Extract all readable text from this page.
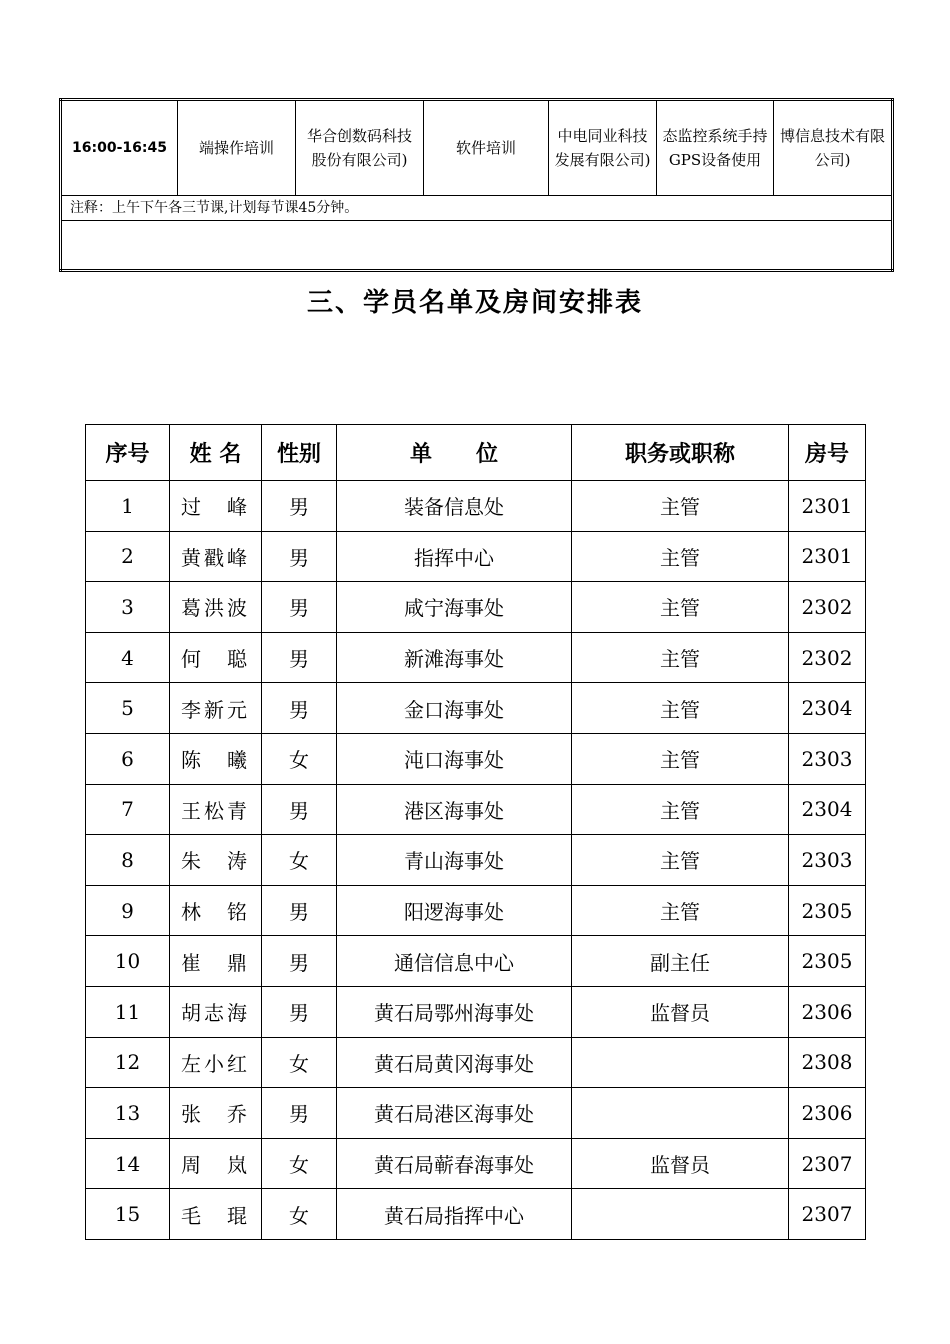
16:00-16:45	端操作培训	华合创数码科技股份有限公司)	软件培训	中电同业科技发展有限公司)	态监控系统手持GPS设备使用	博信息技术有限公司)
注释：上午下午各三节课,计划每节课45分钟。

三、学员名单及房间安排表
序号	姓 名	性别	单　　位	职务或职称	房号
1	过　峰	男	装备信息处	主管	2301
2	黄戳峰	男	指挥中心	主管	2301
3	葛洪波	男	咸宁海事处	主管	2302
4	何　聪	男	新滩海事处	主管	2302
5	李新元	男	金口海事处	主管	2304
6	陈　曦	女	沌口海事处	主管	2303
7	王松青	男	港区海事处	主管	2304
8	朱　涛	女	青山海事处	主管	2303
9	林　铭	男	阳逻海事处	主管	2305
10	崔　鼎	男	通信信息中心	副主任	2305
11	胡志海	男	黄石局鄂州海事处	监督员	2306
12	左小红	女	黄石局黄冈海事处		2308
13	张　乔	男	黄石局港区海事处		2306
14	周　岚	女	黄石局蕲春海事处	监督员	2307
15	毛　琨	女	黄石局指挥中心		2307
